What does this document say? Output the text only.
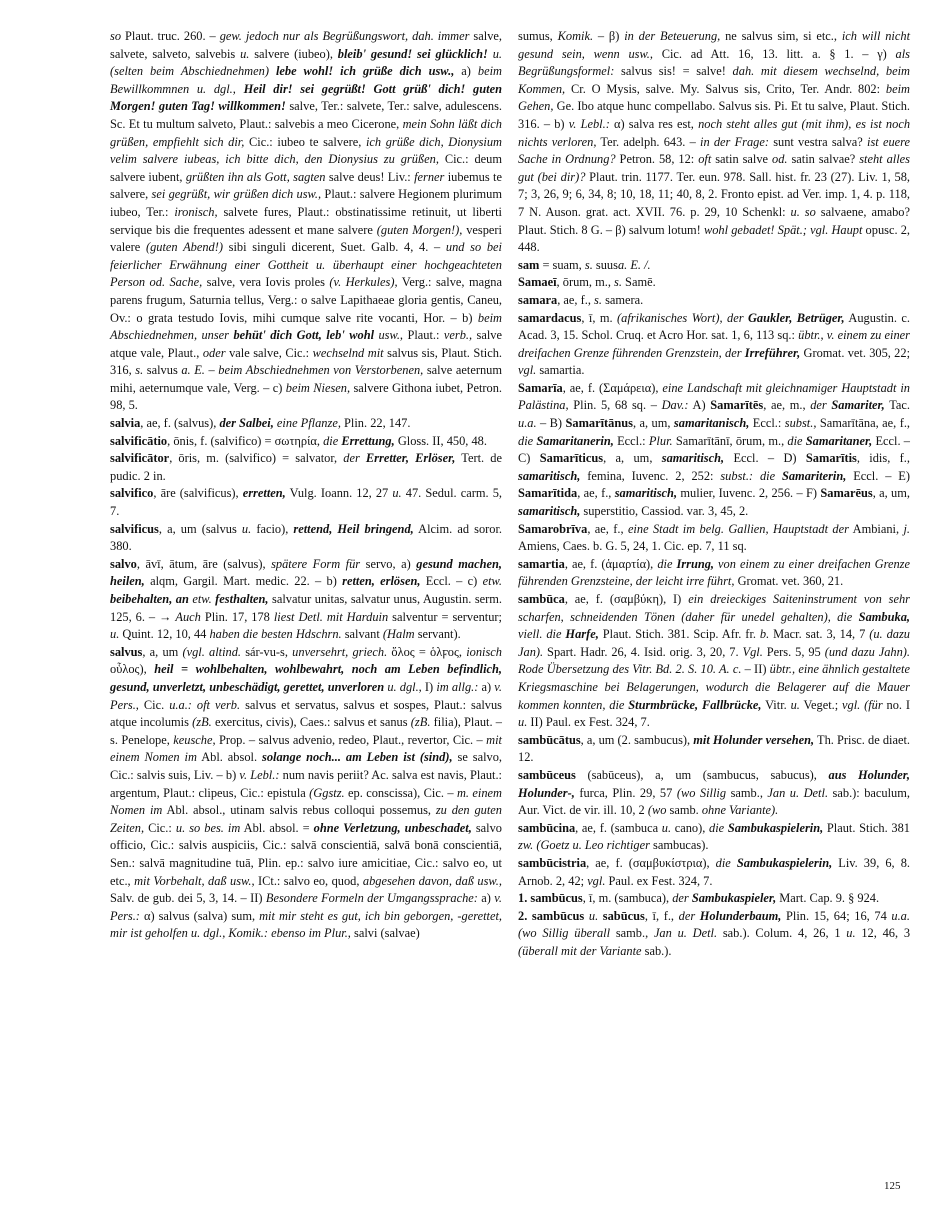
so Plaut. truc. 260. – gew. jedoch nur als Begrüßungswort, dah. immer salve, salvete, salveto, salvebis u. salvere (iubeo), bleib' gesund! sei glücklich! u. (selten beim Abschiednehmen) lebe wohl! ich grüße dich usw., a) beim Bewillkommnen u. dgl., Heil dir! sei gegrüßt! Gott grüß' dich! guten Morgen! guten Tag! willkommen! salve, Ter.: salvete, Ter.: salve, adulescens. Sc. Et tu multum salveto, Plaut.: salvebis a meo Cicerone, mein Sohn läßt dich grüßen, empfiehlt sich dir, Cic.: iubeo te salvere, ich grüße dich, Dionysium velim salvere iubeas, ich bitte dich, den Dionysius zu grüßen, Cic.: deum salvere iubent, grüßten ihn als Gott, sagten salve deus! Liv.: ferner iubemus te salvere, sei gegrüßt, wir grüßen dich usw., Plaut.: salvere Hegionem plurimum iubeo, Ter.: ironisch, salvete fures, Plaut.: obstinatissime retinuit, ut liberti servique bis die frequentes adessent et mane salvere (guten Morgen!), vesperi valere (guten Abend!) sibi singuli dicerent, Suet. Galb. 4, 4. – und so bei feierlicher Erwähnung einer Gottheit u. überhaupt einer hochgeachteten Person od. Sache, salve, vera Iovis proles (v. Herkules), Verg.: salve, magna parens frugum, Saturnia tellus, Verg.: o salve Lapithaeae gloria gentis, Caneu, Ov.: o grata testudo Iovis, mihi cumque salve rite vocanti, Hor. – b) beim Abschiednehmen, unser behüt' dich Gott, leb' wohl usw., Plaut.: verb., salve atque vale, Plaut., oder vale salve, Cic.: wechselnd mit salvus sis, Plaut. Stich. 316, s. salvus a. E. – beim Abschiednehmen von Verstorbenen, salve aeternum mihi, aeternumque vale, Verg. – c) beim Niesen, salvere Githona iubet, Petron. 98, 5.

salvia, ae, f. (salvus), der Salbei, eine Pflanze, Plin. 22, 147.

salvificātio, ōnis, f. (salvifico) = σωτηρία, die Errettung, Gloss. II, 450, 48.

salvificātor, ōris, m. (salvifico) = salvator, der Erretter, Erlöser, Tert. de pudic. 2 in.

salvifico, āre (salvificus), erretten, Vulg. Ioann. 12, 27 u. 47. Sedul. carm. 5, 7.

salvificus, a, um (salvus u. facio), rettend, Heil bringend, Alcim. ad soror. 380.

salvo, āvī, ātum, āre (salvus), spätere Form für servo, a) gesund machen, heilen, alqm, Gargil. Mart. medic. 22. – b) retten, erlösen, Eccl. – c) etw. beibehalten, an etw. festhalten, salvatur unitas, salvatur unus, Augustin. serm. 125, 6. – → Auch Plin. 17, 178 liest Detl. mit Harduin salventur = serventur; u. Quint. 12, 10, 44 haben die besten Hdschrn. salvant (Halm servant).

salvus, a, um (vgl. altind. sár-vu-s, unversehrt, griech. ὅλος = ὁλϝος, ionisch οὗλος), heil = wohlbehalten, wohlbewahrt, noch am Leben befindlich, gesund, unverletzt, unbeschädigt, gerettet, unverloren u. dgl., I) im allg.: a) v. Pers., Cic. u.a.: oft verb. salvus et servatus, salvus et sospes, Plaut.: salvus atque incolumis (zB. exercitus, civis), Caes.: salvus et sanus (zB. filia), Plaut. – s. Penelope, keusche, Prop. – salvus advenio, redeo, Plaut., revertor, Cic. – mit einem Nomen im Abl. absol. solange noch... am Leben ist (sind), se salvo, Cic.: salvis suis, Liv. – b) v. Lebl.: num navis periit? Ac. salva est navis, Plaut.: argentum, Plaut.: clipeus, Cic.: epistula (Ggstz. ep. conscissa), Cic. – m. einem Nomen im Abl. absol., utinam salvis rebus colloqui possemus, zu den guten Zeiten, Cic.: u. so bes. im Abl. absol. = ohne Verletzung, unbeschadet, salvo officio, Cic.: salvis auspiciis, Cic.: salvā conscientiā, salvā bonā conscientiā, Sen.: salvā magnitudine tuā, Plin. ep.: salvo iure amicitiae, Cic.: salvo eo, ut etc., mit Vorbehalt, daß usw., ICt.: salvo eo, quod, abgesehen davon, daß usw., Salv. de gub. dei 5, 3, 14. – II) Besondere Formeln der Umgangssprache: a) v. Pers.: α) salvus (salva) sum, mit mir steht es gut, ich bin geborgen, -gerettet, mir ist geholfen u. dgl., Komik.: ebenso im Plur., salvi (salvae)

sumus, Komik. – β) in der Beteuerung, ne salvus sim, si etc., ich will nicht gesund sein, wenn usw., Cic. ad Att. 16, 13. litt. a. § 1. – γ) als Begrüßungsformel: salvus sis! = salve! dah. mit diesem wechselnd, beim Kommen, Cr. O Mysis, salve. My. Salvus sis, Crito, Ter. Andr. 802: beim Gehen, Ge. Ibo atque hunc compellabo. Salvus sis. Pi. Et tu salve, Plaut. Stich. 316. – b) v. Lebl.: α) salva res est, noch steht alles gut (mit ihm), es ist noch nichts verloren, Ter. adelph. 643. – in der Frage: sunt vestra salva? ist euere Sache in Ordnung? Petron. 58, 12: oft satin salve od. satin salvae? steht alles gut (bei dir)? Plaut. trin. 1177. Ter. eun. 978. Sall. hist. fr. 23 (27). Liv. 1, 58, 7; 3, 26, 9; 6, 34, 8; 10, 18, 11; 40, 8, 2. Fronto epist. ad Ver. imp. 1, 4. p. 118, 7 N. Auson. grat. act. XVII. 76. p. 29, 10 Schenkl: u. so salvaene, amabo? Plaut. Stich. 8 G. – β) salvum lotum! wohl gebadet! Spät.; vgl. Haupt opusc. 2, 448.

sam = suam, s. suusa. E. /.

Samaeī, ōrum, m., s. Samē.

samara, ae, f., s. samera.

samardacus, ī, m. (afrikanisches Wort), der Gaukler, Betrüger, Augustin. c. Acad. 3, 15. Schol. Cruq. et Acro Hor. sat. 1, 6, 113 sq.: übtr., v. einem zu einer dreifachen Grenze führenden Grenzstein, der Irreführer, Gromat. vet. 305, 22; vgl. samartia.

Samarīa, ae, f. (Σαμάρεια), eine Landschaft mit gleichnamiger Hauptstadt in Palästina, Plin. 5, 68 sq. – Dav.: A) Samarītēs, ae, m., der Samariter, Tac. u.a. – B) Samarītānus, a, um, samaritanisch, Eccl.: subst., Samarītāna, ae, f., die Samaritanerin, Eccl.: Plur. Samarītānī, ōrum, m., die Samaritaner, Eccl. – C) Samarīticus, a, um, samaritisch, Eccl. – D) Samarītis, idis, f., samaritisch, femina, Iuvenc. 2, 252: subst.: die Samariterin, Eccl. – E) Samarītida, ae, f., samaritisch, mulier, Iuvenc. 2, 256. – F) Samarēus, a, um, samaritisch, superstitio, Cassiod. var. 3, 45, 2.

Samarobrīva, ae, f., eine Stadt im belg. Gallien, Hauptstadt der Ambiani, j. Amiens, Caes. b. G. 5, 24, 1. Cic. ep. 7, 11 sq.

samartia, ae, f. (ἁμαρτία), die Irrung, von einem zu einer dreifachen Grenze führenden Grenzsteine, der leicht irre führt, Gromat. vet. 360, 21.

sambūca, ae, f. (σαμβύκη), I) ein dreieckiges Saiteninstrument von sehr scharfen, schneidenden Tönen (daher für unedel gehalten), die Sambuka, viell. die Harfe, Plaut. Stich. 381. Scip. Afr. fr. b. Macr. sat. 3, 14, 7 (u. dazu Jan). Spart. Hadr. 26, 4. Isid. orig. 3, 20, 7. Vgl. Pers. 5, 95 (und dazu Jahn). Rode Übersetzung des Vitr. Bd. 2. S. 10. A. c. – II) übtr., eine ähnlich gestaltete Kriegsmaschine bei Belagerungen, wodurch die Belagerer auf die Mauer kommen konnten, die Sturmbrücke, Fallbrücke, Vitr. u. Veget.; vgl. (für no. I u. II) Paul. ex Fest. 324, 7.

sambūcātus, a, um (2. sambucus), mit Holunder versehen, Th. Prisc. de diaet. 12.

sambūceus (sabūceus), a, um (sambucus, sabucus), aus Holunder, Holunder-, furca, Plin. 29, 57 (wo Sillig samb., Jan u. Detl. sab.): baculum, Aur. Vict. de vir. ill. 10, 2 (wo samb. ohne Variante).

sambūcina, ae, f. (sambuca u. cano), die Sambukaspielerin, Plaut. Stich. 381 zw. (Goetz u. Leo richtiger sambucas).

sambūcistria, ae, f. (σαμβυκίστρια), die Sambukaspielerin, Liv. 39, 6, 8. Arnob. 2, 42; vgl. Paul. ex Fest. 324, 7.

1. sambūcus, ī, m. (sambuca), der Sambukaspieler, Mart. Cap. 9. § 924.

2. sambūcus u. sabūcus, ī, f., der Holunderbaum, Plin. 15, 64; 16, 74 u.a. (wo Sillig überall samb., Jan u. Detl. sab.). Colum. 4, 26, 1 u. 12, 46, 3 (überall mit der Variante sab.).

125
